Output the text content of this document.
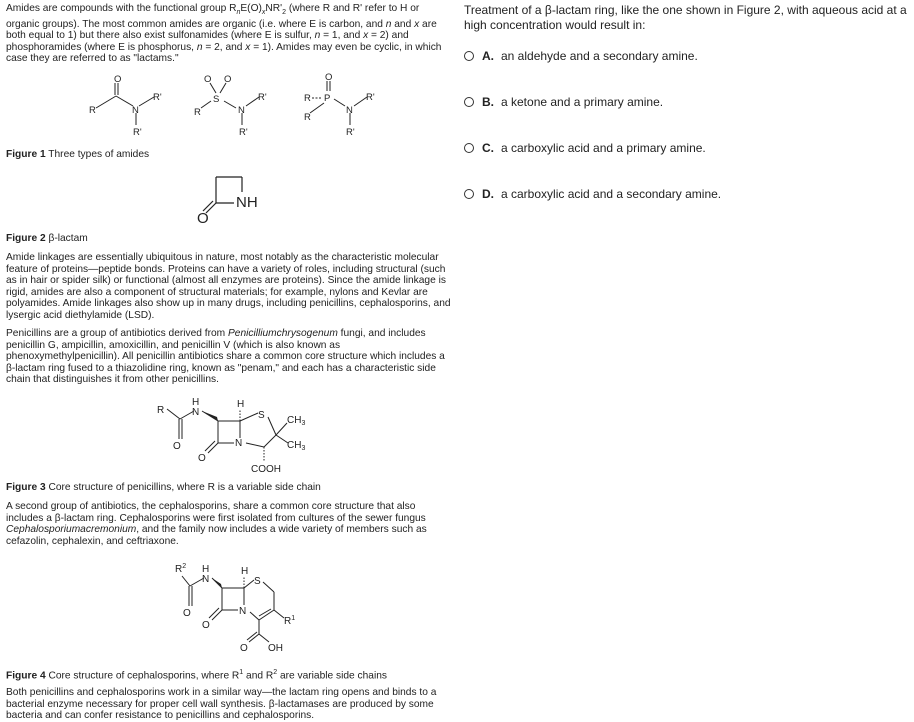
Amides are compounds with the functional group $R_nE(O)_xNR'_2$ (where R and R' refer to H or organic groups). The most common amides are organic (i.e. where E is carbon, and n and x are both equal to 1) but there also exist sulfonamides (where E is sulfur, n = 1, and x = 2) and phosphoramides (where E is phosphorus, n = 2, and x = 1). Amides may even be cyclic, in which case they are referred to as "lactams."

O
R	N
R'
R'
O O
S
R	N
R'
R'
O
R P
R
N
R'
R'

Figure 1 Three types of amides

O
NH

Figure 2 β-lactam

Amide linkages are essentially ubiquitous in nature, most notably as the characteristic molecular feature of proteins—peptide bonds. Proteins can have a variety of roles, including structural (such as in hair or spider silk) or functional (almost all enzymes are proteins). Since the amide linkage is rigid, amides are also a component of structural materials; for example, nylons and Kevlar are polyamides. Amide linkages also show up in many drugs, including penicillins, cephalosporins, and lysergic acid diethylamide (LSD).

Penicillins are a group of antibiotics derived from Penicilliumchrysogenum fungi, and includes penicillin G, ampicillin, amoxicillin, and penicillin V (which is also known as phenoxymethylpenicillin). All penicillin antibiotics share a common core structure which includes a β-lactam ring fused to a thiazolidine ring, known as "penam," and each has a characteristic side chain that distinguishes it from other penicillins.

R
H
N
H
S
N
$CH_3$
$CH_3$
O
O
COOH

Figure 3 Core structure of penicillins, where R is a variable side chain

A second group of antibiotics, the cephalosporins, share a common core structure that also includes a β-lactam ring. Cephalosporins were first isolated from cultures of the sewer fungus Cephalosporiumacremonium, and the family now includes a wide variety of members such as cefazolin, cephalexin, and ceftriaxone.

$R^2$ H
N
H
S
N
$R^1$
O
O
O OH

Figure 4 Core structure of cephalosporins, where $R^1$ and $R^2$ are variable side chains

Both penicillins and cephalosporins work in a similar way—the lactam ring opens and binds to a bacterial enzyme necessary for proper cell wall synthesis. β-lactamases are produced by some bacteria and can confer resistance to penicillins and cephalosporins.

Treatment of a β-lactam ring, like the one shown in Figure 2, with aqueous acid at a high concentration would result in:

A. an aldehyde and a secondary amine.
B. a ketone and a primary amine.
C. a carboxylic acid and a primary amine.
D. a carboxylic acid and a secondary amine.
